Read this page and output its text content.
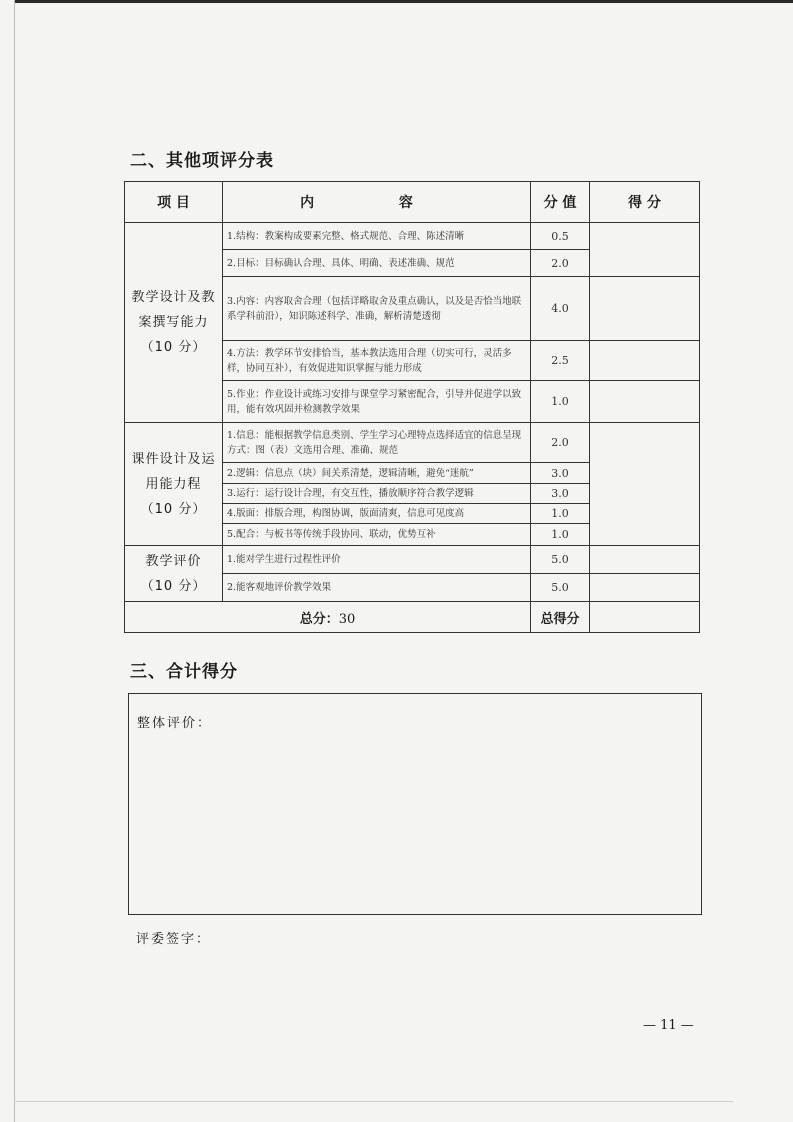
二、其他项评分表
项 目	内 容	分 值	得 分

教学设计及教
案撰写能力
（10 分）	1.结构：教案构成要素完整、格式规范、合理、陈述清晰	0.5	
	2.目标：目标确认合理、具体、明确、表述准确、规范	2.0	
	3.内容：内容取舍合理（包括详略取舍及重点确认，以及是否恰当地联系学科前沿），知识陈述科学、准确，解析清楚透彻	4.0	
	4.方法：教学环节安排恰当，基本教法选用合理（切实可行，灵活多样，协同互补），有效促进知识掌握与能力形成	2.5	
	5.作业：作业设计或练习安排与课堂学习紧密配合，引导并促进学以致用，能有效巩固并检测教学效果	1.0	

课件设计及运
用能力程
（10 分）	1.信息：能根据教学信息类别、学生学习心理特点选择适宜的信息呈现方式：图（表）文选用合理、准确、规范	2.0	
	2.逻辑：信息点（块）间关系清楚，逻辑清晰，避免“迷航”	3.0	
	3.运行：运行设计合理，有交互性，播放顺序符合教学逻辑	3.0	
	4.版面：排版合理，构图协调，版面清爽，信息可见度高	1.0	
	5.配合：与板书等传统手段协同、联动，优势互补	1.0	

教学评价
（10 分）	1.能对学生进行过程性评价	5.0	
	2.能客观地评价教学效果	5.0	
总分：30		总得分	
三、合计得分
整体评价：
评委签字：
— 11 —
